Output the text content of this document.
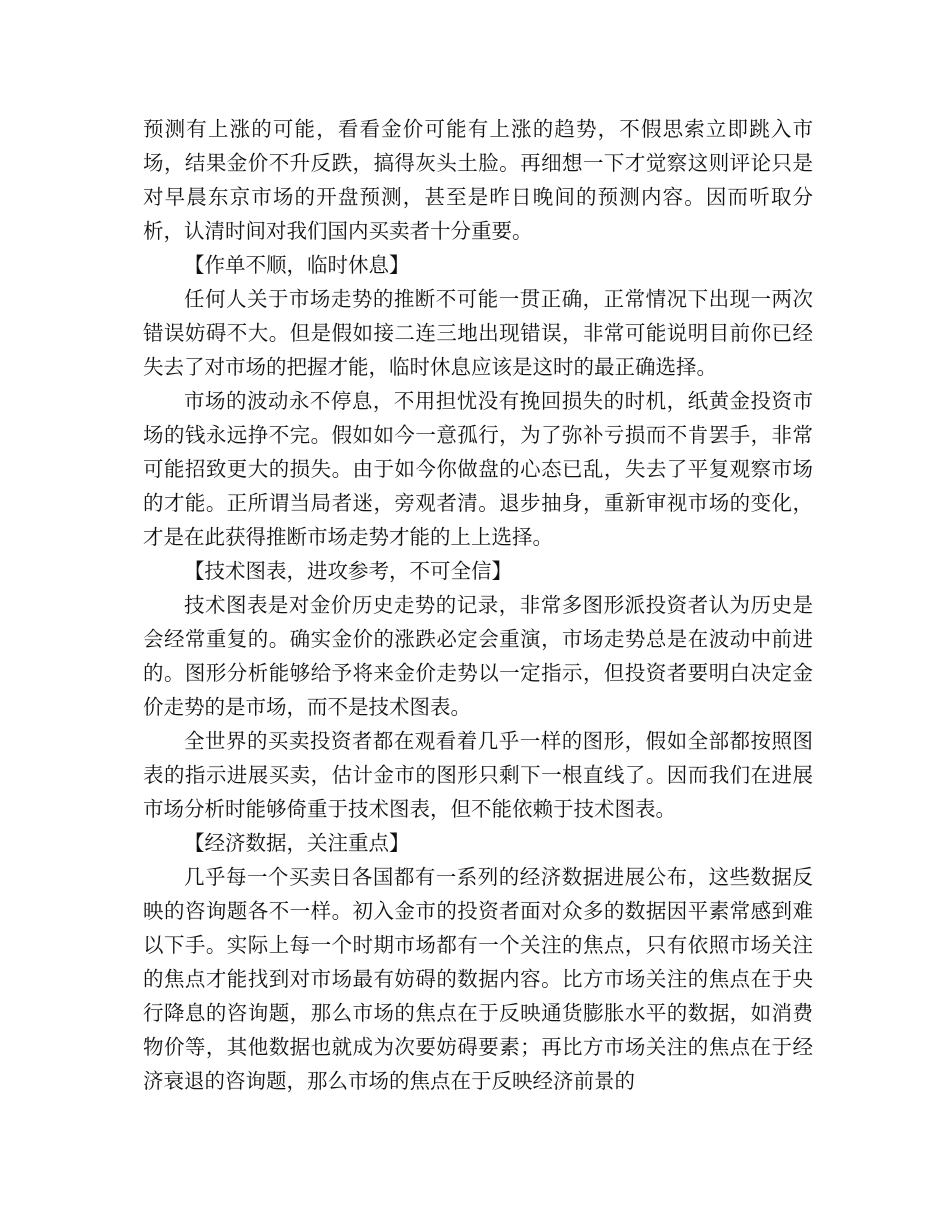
预测有上涨的可能，看看金价可能有上涨的趋势，不假思索立即跳入市场，结果金价不升反跌，搞得灰头土脸。再细想一下才觉察这则评论只是对早晨东京市场的开盘预测，甚至是昨日晚间的预测内容。因而听取分析，认清时间对我们国内买卖者十分重要。

【作单不顺，临时休息】

任何人关于市场走势的推断不可能一贯正确，正常情况下出现一两次错误妨碍不大。但是假如接二连三地出现错误，非常可能说明目前你已经失去了对市场的把握才能，临时休息应该是这时的最正确选择。

市场的波动永不停息，不用担忧没有挽回损失的时机，纸黄金投资市场的钱永远挣不完。假如如今一意孤行，为了弥补亏损而不肯罢手，非常可能招致更大的损失。由于如今你做盘的心态已乱，失去了平复观察市场的才能。正所谓当局者迷，旁观者清。退步抽身，重新审视市场的变化，才是在此获得推断市场走势才能的上上选择。

【技术图表，进攻参考，不可全信】

技术图表是对金价历史走势的记录，非常多图形派投资者认为历史是会经常重复的。确实金价的涨跌必定会重演，市场走势总是在波动中前进的。图形分析能够给予将来金价走势以一定指示，但投资者要明白决定金价走势的是市场，而不是技术图表。

全世界的买卖投资者都在观看着几乎一样的图形，假如全部都按照图表的指示进展买卖，估计金市的图形只剩下一根直线了。因而我们在进展市场分析时能够倚重于技术图表，但不能依赖于技术图表。

【经济数据，关注重点】

几乎每一个买卖日各国都有一系列的经济数据进展公布，这些数据反映的咨询题各不一样。初入金市的投资者面对众多的数据因平素常感到难以下手。实际上每一个时期市场都有一个关注的焦点，只有依照市场关注的焦点才能找到对市场最有妨碍的数据内容。比方市场关注的焦点在于央行降息的咨询题，那么市场的焦点在于反映通货膨胀水平的数据，如消费物价等，其他数据也就成为次要妨碍要素；再比方市场关注的焦点在于经济衰退的咨询题，那么市场的焦点在于反映经济前景的
